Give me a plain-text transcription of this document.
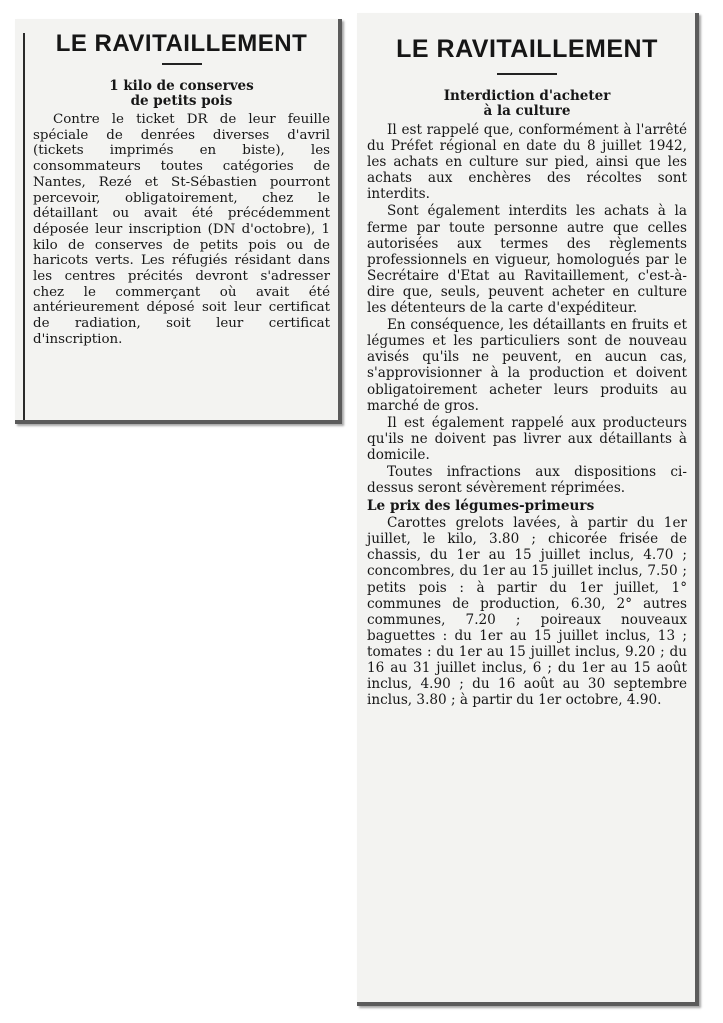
LE RAVITAILLEMENT
1 kilo de conserves
de petits pois

Contre le ticket DR de leur feuille spéciale de denrées diverses d'avril (tickets imprimés en biste), les consommateurs toutes catégories de Nantes, Rezé et St-Sébastien pourront percevoir, obligatoirement, chez le détaillant ou avait été précédemment déposée leur inscription (DN d'octobre), 1 kilo de conserves de petits pois ou de haricots verts. Les réfugiés résidant dans les centres précités devront s'adresser chez le commerçant où avait été antérieurement déposé soit leur certificat de radiation, soit leur certificat d'inscription.

LE RAVITAILLEMENT
Interdiction d'acheter
à la culture

Il est rappelé que, conformément à l'arrêté du Préfet régional en date du 8 juillet 1942, les achats en culture sur pied, ainsi que les achats aux enchères des récoltes sont interdits.

Sont également interdits les achats à la ferme par toute personne autre que celles autorisées aux termes des règlements professionnels en vigueur, homologués par le Secrétaire d'Etat au Ravitaillement, c'est-à-dire que, seuls, peuvent acheter en culture les détenteurs de la carte d'expéditeur.

En conséquence, les détaillants en fruits et légumes et les particuliers sont de nouveau avisés qu'ils ne peuvent, en aucun cas, s'approvisionner à la production et doivent obligatoirement acheter leurs produits au marché de gros.

Il est également rappelé aux producteurs qu'ils ne doivent pas livrer aux détaillants à domicile.

Toutes infractions aux dispositions ci-dessus seront sévèrement réprimées.

Le prix des légumes-primeurs

Carottes grelots lavées, à partir du 1er juillet, le kilo, 3.80 ; chicorée frisée de chassis, du 1er au 15 juillet inclus, 4.70 ; concombres, du 1er au 15 juillet inclus, 7.50 ; petits pois : à partir du 1er juillet, 1° communes de production, 6.30, 2° autres communes, 7.20 ; poireaux nouveaux baguettes : du 1er au 15 juillet inclus, 13 ; tomates : du 1er au 15 juillet inclus, 9.20 ; du 16 au 31 juillet inclus, 6 ; du 1er au 15 août inclus, 4.90 ; du 16 août au 30 septembre inclus, 3.80 ; à partir du 1er octobre, 4.90.
